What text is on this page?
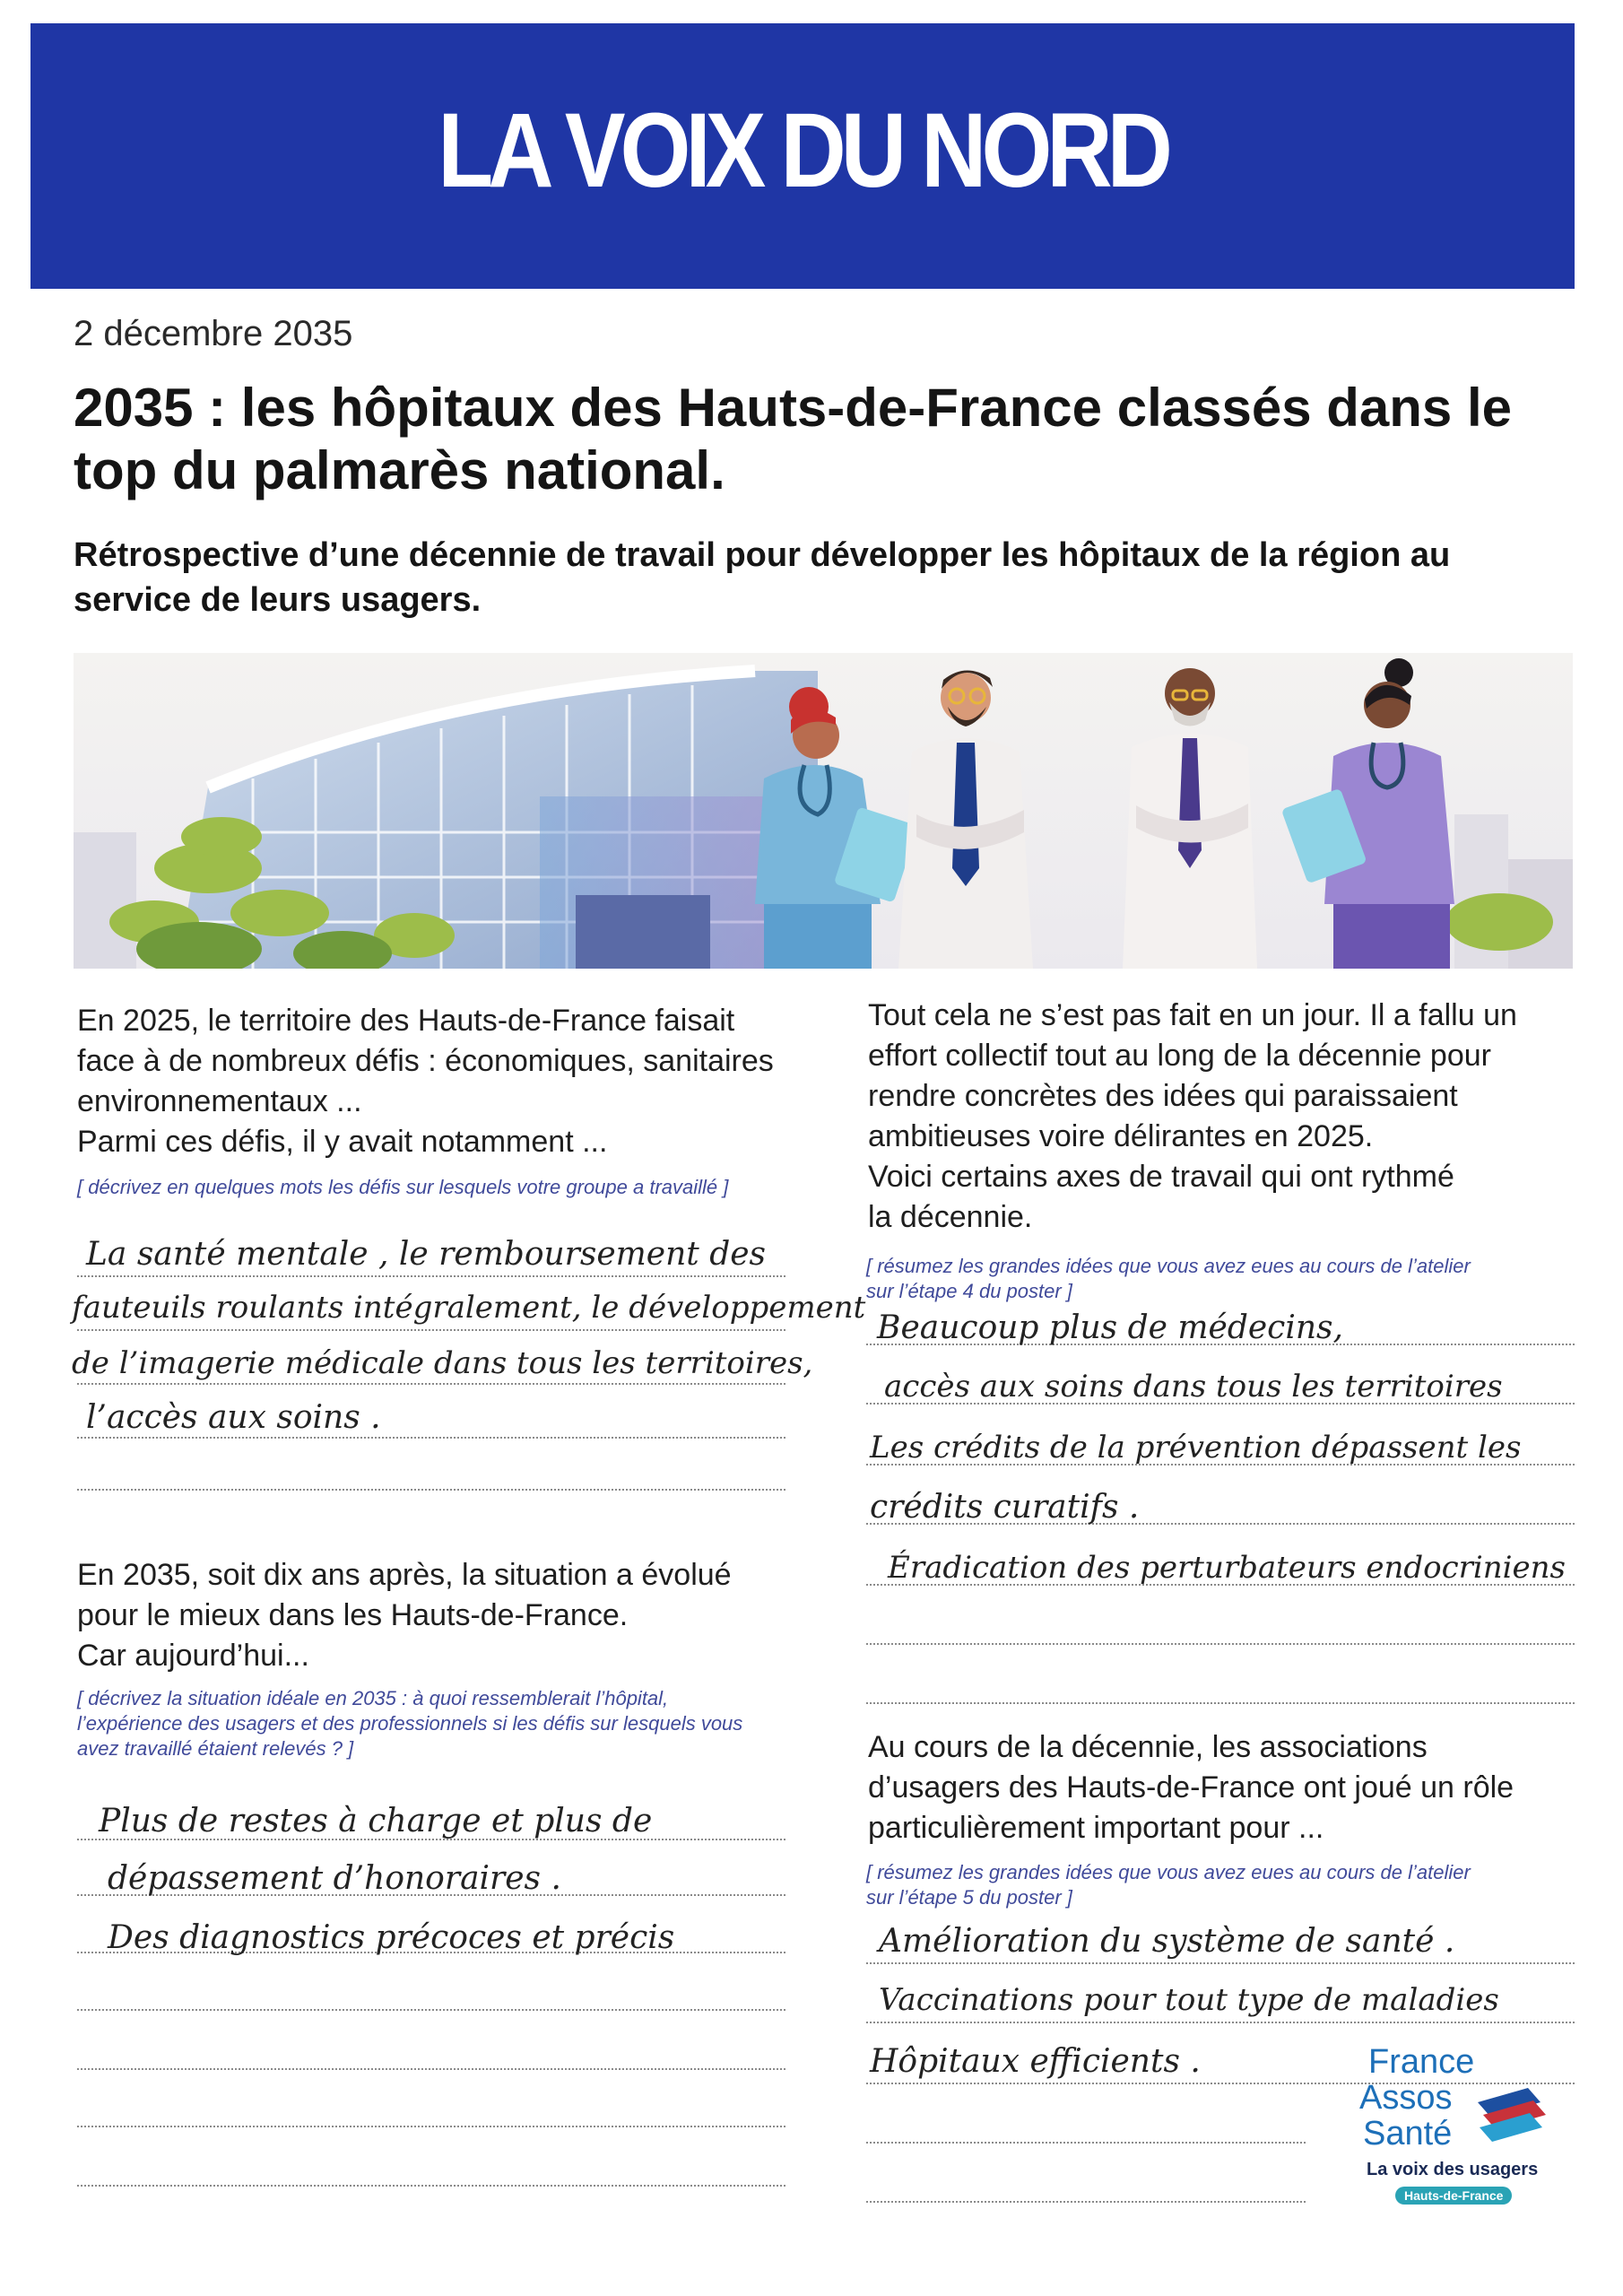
LA VOIX DU NORD
2 décembre 2035
2035 : les hôpitaux des Hauts-de-France classés dans le top du palmarès national.
Rétrospective d’une décennie de travail pour développer les hôpitaux de la région au service de leurs usagers.

En 2025, le territoire des Hauts-de-France faisait
face à de nombreux défis : économiques, sanitaires
environnementaux ...
Parmi ces défis, il y avait notamment ...

[ décrivez en quelques mots les défis sur lesquels votre groupe a travaillé ]
La santé mentale , le remboursement des
fauteuils roulants intégralement, le développement
de l’imagerie médicale dans tous les territoires,
l’accès aux soins .

En 2035, soit dix ans après, la situation a évolué
pour le mieux dans les Hauts-de-France.
Car aujourd’hui...

[ décrivez la situation idéale en 2035 : à quoi ressemblerait l’hôpital,
l’expérience des usagers et des professionnels si les défis sur lesquels vous
avez travaillé étaient relevés ? ]
Plus de restes à charge et plus de
dépassement d’honoraires .
Des diagnostics précoces et précis

Tout cela ne s’est pas fait en un jour. Il a fallu un
effort collectif tout au long de la décennie pour
rendre concrètes des idées qui paraissaient
ambitieuses voire délirantes en 2025.
Voici certains axes de travail qui ont rythmé
la décennie.

[ résumez les grandes idées que vous avez eues au cours de l’atelier
sur l’étape 4 du poster ]
Beaucoup plus de médecins,
accès aux soins dans tous les territoires
Les crédits de la prévention dépassent les
crédits curatifs .
Éradication des perturbateurs endocriniens

Au cours de la décennie, les associations
d’usagers des Hauts-de-France ont joué un rôle
particulièrement important pour ...

[ résumez les grandes idées que vous avez eues au cours de l’atelier
sur l’étape 5 du poster ]
Amélioration du système de santé .
Vaccinations pour tout type de maladies
Hôpitaux efficients .	France
Assos
Santé
La voix des usagers
Hauts-de-France
